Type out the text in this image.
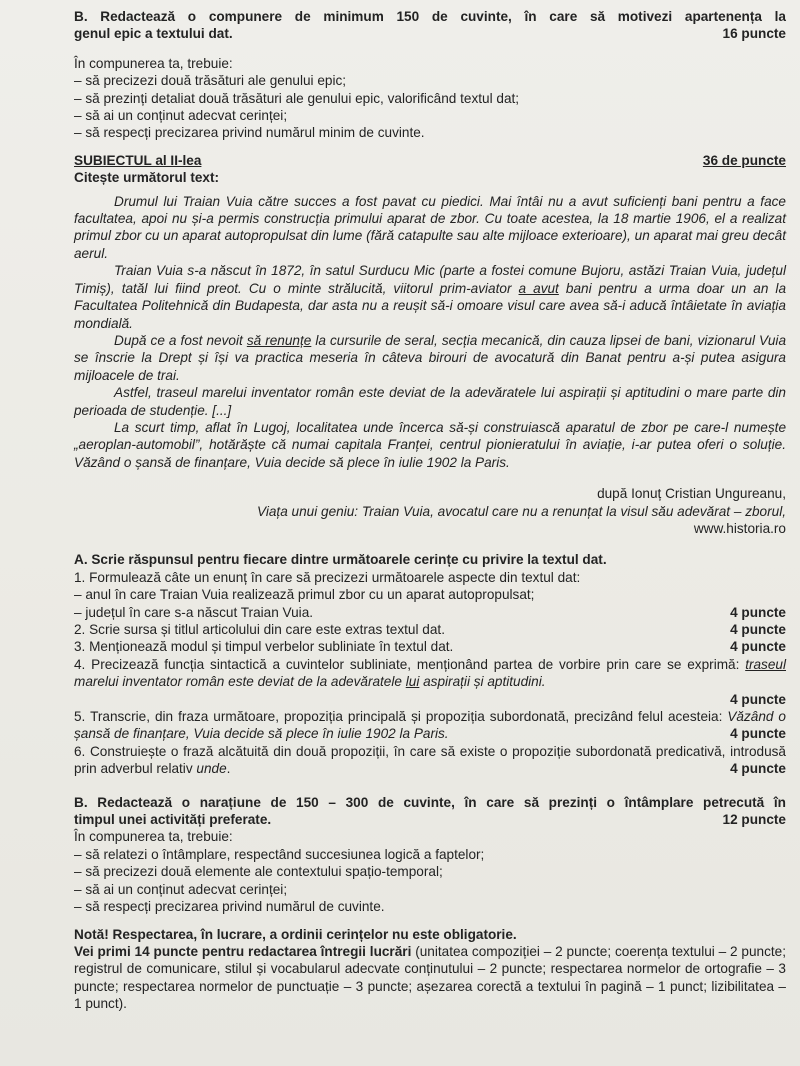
B. Redactează o compunere de minimum 150 de cuvinte, în care să motivezi apartenența la
genul epic a textului dat.	16 puncte
În compunerea ta, trebuie:
– să precizezi două trăsături ale genului epic;
– să prezinți detaliat două trăsături ale genului epic, valorificând textul dat;
– să ai un conținut adecvat cerinței;
– să respecți precizarea privind numărul minim de cuvinte.
SUBIECTUL al II-lea	36 de puncte
Citește următorul text:

Drumul lui Traian Vuia către succes a fost pavat cu piedici. Mai întâi nu a avut suficienți bani pentru a face facultatea, apoi nu și-a permis construcția primului aparat de zbor. Cu toate acestea, la 18 martie 1906, el a realizat primul zbor cu un aparat autopropulsat din lume (fără catapulte sau alte mijloace exterioare), un aparat mai greu decât aerul.

Traian Vuia s-a născut în 1872, în satul Surducu Mic (parte a fostei comune Bujoru, astăzi Traian Vuia, județul Timiș), tatăl lui fiind preot. Cu o minte strălucită, viitorul prim-aviator a avut bani pentru a urma doar un an la Facultatea Politehnică din Budapesta, dar asta nu a reușit să-i omoare visul care avea să-i aducă întâietate în aviația mondială.

După ce a fost nevoit să renunțe la cursurile de seral, secția mecanică, din cauza lipsei de bani, vizionarul Vuia se înscrie la Drept și își va practica meseria în câteva birouri de avocatură din Banat pentru a-și putea asigura mijloacele de trai.

Astfel, traseul marelui inventator român este deviat de la adevăratele lui aspirații și aptitudini o mare parte din perioada de studenție. [...]

La scurt timp, aflat în Lugoj, localitatea unde încerca să-și construiască aparatul de zbor pe care-l numește „aeroplan-automobil”, hotărăște că numai capitala Franței, centrul pionieratului în aviație, i-ar putea oferi o soluție. Văzând o șansă de finanțare, Vuia decide să plece în iulie 1902 la Paris.

după Ionuț Cristian Ungureanu,
Viața unui geniu: Traian Vuia, avocatul care nu a renunțat la visul său adevărat – zborul,
www.historia.ro
A. Scrie răspunsul pentru fiecare dintre următoarele cerințe cu privire la textul dat.
1. Formulează câte un enunț în care să precizezi următoarele aspecte din textul dat:
– anul în care Traian Vuia realizează primul zbor cu un aparat autopropulsat;
– județul în care s-a născut Traian Vuia.	4 puncte
2. Scrie sursa și titlul articolului din care este extras textul dat.	4 puncte
3. Menționează modul și timpul verbelor subliniate în textul dat.	4 puncte
4. Precizează funcția sintactică a cuvintelor subliniate, menționând partea de vorbire prin care se exprimă: traseul marelui inventator român este deviat de la adevăratele lui aspirații și aptitudini.
4 puncte
5. Transcrie, din fraza următoare, propoziția principală și propoziția subordonată, precizând felul acesteia: Văzând o șansă de finanțare, Vuia decide să plece în iulie 1902 la Paris.	4 puncte
6. Construiește o frază alcătuită din două propoziții, în care să existe o propoziție subordonată predicativă, introdusă prin adverbul relativ unde.	4 puncte
B. Redactează o narațiune de 150 – 300 de cuvinte, în care să prezinți o întâmplare petrecută în
timpul unei activități preferate.	12 puncte
În compunerea ta, trebuie:
– să relatezi o întâmplare, respectând succesiunea logică a faptelor;
– să precizezi două elemente ale contextului spațio-temporal;
– să ai un conținut adecvat cerinței;
– să respecți precizarea privind numărul de cuvinte.
Notă! Respectarea, în lucrare, a ordinii cerințelor nu este obligatorie.
Vei primi 14 puncte pentru redactarea întregii lucrări (unitatea compoziției – 2 puncte; coerența textului – 2 puncte; registrul de comunicare, stilul și vocabularul adecvate conținutului – 2 puncte; respectarea normelor de ortografie – 3 puncte; respectarea normelor de punctuație – 3 puncte; așezarea corectă a textului în pagină – 1 punct; lizibilitatea – 1 punct).
